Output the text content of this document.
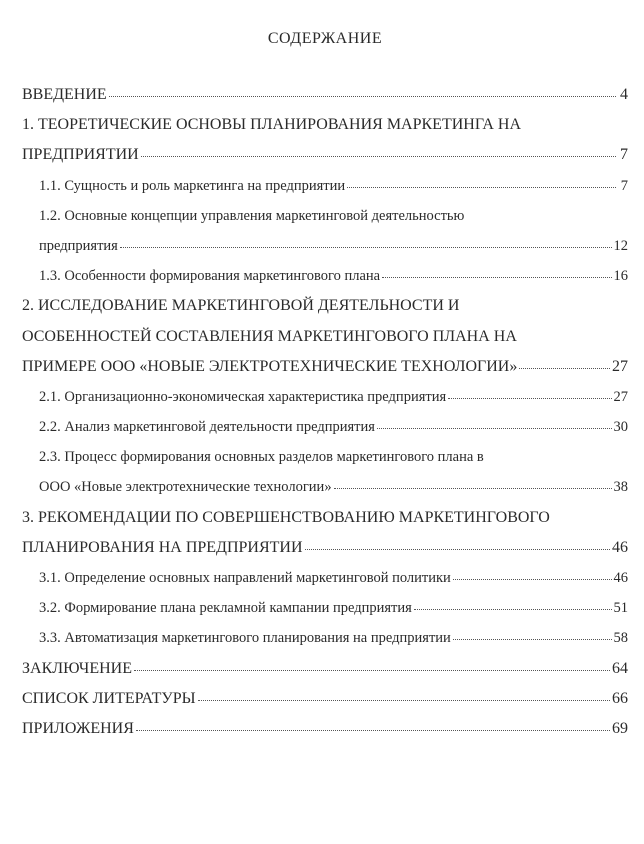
СОДЕРЖАНИЕ
ВВЕДЕНИЕ	4
1. ТЕОРЕТИЧЕСКИЕ ОСНОВЫ ПЛАНИРОВАНИЯ МАРКЕТИНГА НА
ПРЕДПРИЯТИИ	7
1.1. Сущность и роль маркетинга на предприятии	7
1.2. Основные концепции управления маркетинговой деятельностью
предприятия	12
1.3. Особенности формирования маркетингового плана	16
2. ИССЛЕДОВАНИЕ МАРКЕТИНГОВОЙ ДЕЯТЕЛЬНОСТИ И
ОСОБЕННОСТЕЙ СОСТАВЛЕНИЯ МАРКЕТИНГОВОГО ПЛАНА НА
ПРИМЕРЕ ООО «НОВЫЕ ЭЛЕКТРОТЕХНИЧЕСКИЕ ТЕХНОЛОГИИ»	27
2.1. Организационно-экономическая характеристика предприятия	27
2.2. Анализ маркетинговой деятельности предприятия	30
2.3. Процесс формирования основных разделов маркетингового плана в
ООО «Новые электротехнические технологии»	38
3. РЕКОМЕНДАЦИИ ПО СОВЕРШЕНСТВОВАНИЮ МАРКЕТИНГОВОГО
ПЛАНИРОВАНИЯ НА ПРЕДПРИЯТИИ	46
3.1. Определение основных направлений маркетинговой политики	46
3.2. Формирование плана рекламной кампании предприятия	51
3.3. Автоматизация маркетингового планирования на предприятии	58
ЗАКЛЮЧЕНИЕ	64
СПИСОК ЛИТЕРАТУРЫ	66
ПРИЛОЖЕНИЯ	69
